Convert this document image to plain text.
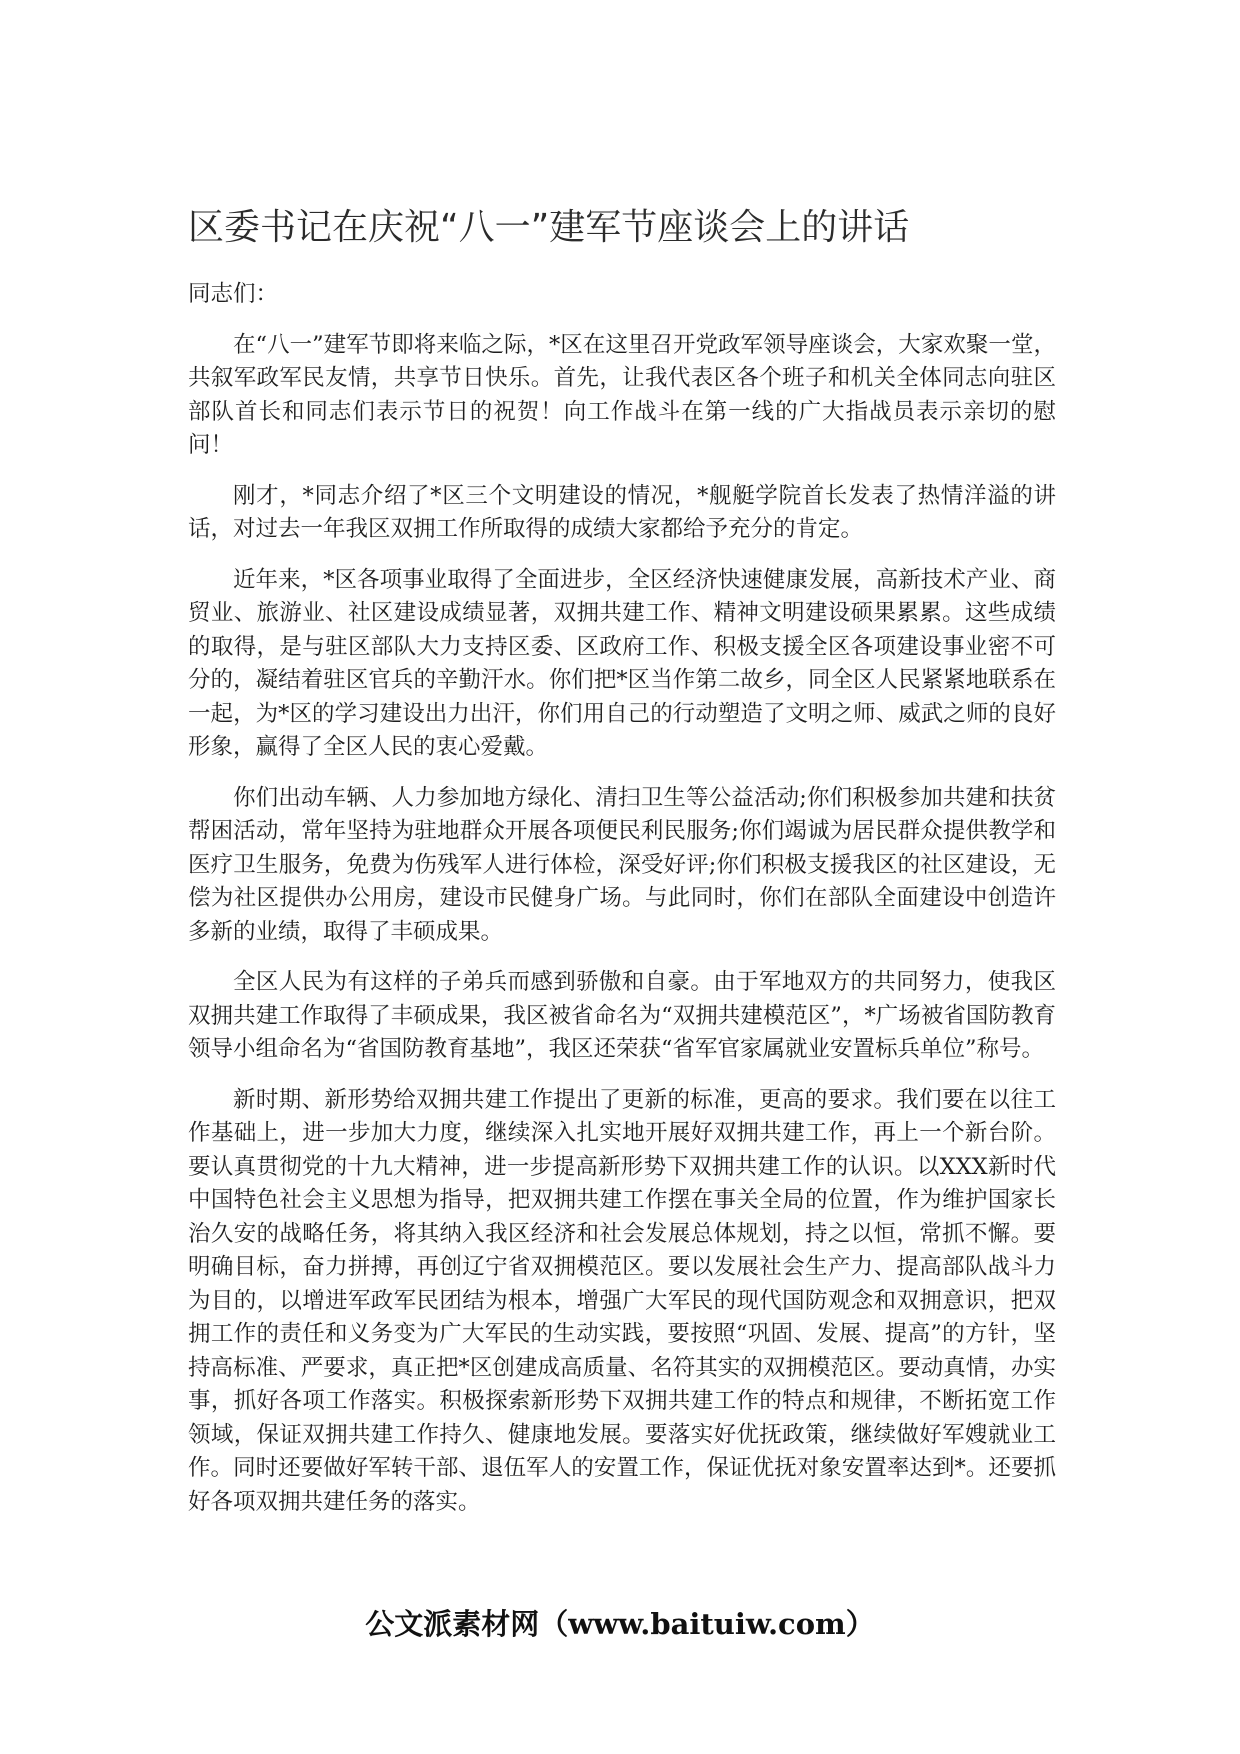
区委书记在庆祝“八一”建军节座谈会上的讲话

同志们：

在“八一”建军节即将来临之际，*区在这里召开党政军领导座谈会，大家欢聚一堂，共叙军政军民友情，共享节日快乐。首先，让我代表区各个班子和机关全体同志向驻区部队首长和同志们表示节日的祝贺！向工作战斗在第一线的广大指战员表示亲切的慰问！

刚才，*同志介绍了*区三个文明建设的情况，*舰艇学院首长发表了热情洋溢的讲话，对过去一年我区双拥工作所取得的成绩大家都给予充分的肯定。

近年来，*区各项事业取得了全面进步，全区经济快速健康发展，高新技术产业、商贸业、旅游业、社区建设成绩显著，双拥共建工作、精神文明建设硕果累累。这些成绩的取得，是与驻区部队大力支持区委、区政府工作、积极支援全区各项建设事业密不可分的，凝结着驻区官兵的辛勤汗水。你们把*区当作第二故乡，同全区人民紧紧地联系在一起，为*区的学习建设出力出汗，你们用自己的行动塑造了文明之师、威武之师的良好形象，赢得了全区人民的衷心爱戴。

你们出动车辆、人力参加地方绿化、清扫卫生等公益活动;你们积极参加共建和扶贫帮困活动，常年坚持为驻地群众开展各项便民利民服务;你们竭诚为居民群众提供教学和医疗卫生服务，免费为伤残军人进行体检，深受好评;你们积极支援我区的社区建设，无偿为社区提供办公用房，建设市民健身广场。与此同时，你们在部队全面建设中创造许多新的业绩，取得了丰硕成果。

全区人民为有这样的子弟兵而感到骄傲和自豪。由于军地双方的共同努力，使我区双拥共建工作取得了丰硕成果，我区被省命名为“双拥共建模范区”，*广场被省国防教育领导小组命名为“省国防教育基地”，我区还荣获“省军官家属就业安置标兵单位”称号。

新时期、新形势给双拥共建工作提出了更新的标准，更高的要求。我们要在以往工作基础上，进一步加大力度，继续深入扎实地开展好双拥共建工作，再上一个新台阶。要认真贯彻党的十九大精神，进一步提高新形势下双拥共建工作的认识。以XXX新时代中国特色社会主义思想为指导，把双拥共建工作摆在事关全局的位置，作为维护国家长治久安的战略任务，将其纳入我区经济和社会发展总体规划，持之以恒，常抓不懈。要明确目标，奋力拼搏，再创辽宁省双拥模范区。要以发展社会生产力、提高部队战斗力为目的，以增进军政军民团结为根本，增强广大军民的现代国防观念和双拥意识，把双拥工作的责任和义务变为广大军民的生动实践，要按照“巩固、发展、提高”的方针，坚持高标准、严要求，真正把*区创建成高质量、名符其实的双拥模范区。要动真情，办实事，抓好各项工作落实。积极探索新形势下双拥共建工作的特点和规律，不断拓宽工作领域，保证双拥共建工作持久、健康地发展。要落实好优抚政策，继续做好军嫂就业工作。同时还要做好军转干部、退伍军人的安置工作，保证优抚对象安置率达到*。还要抓好各项双拥共建任务的落实。

公文派素材网（www.baituiw.com）
